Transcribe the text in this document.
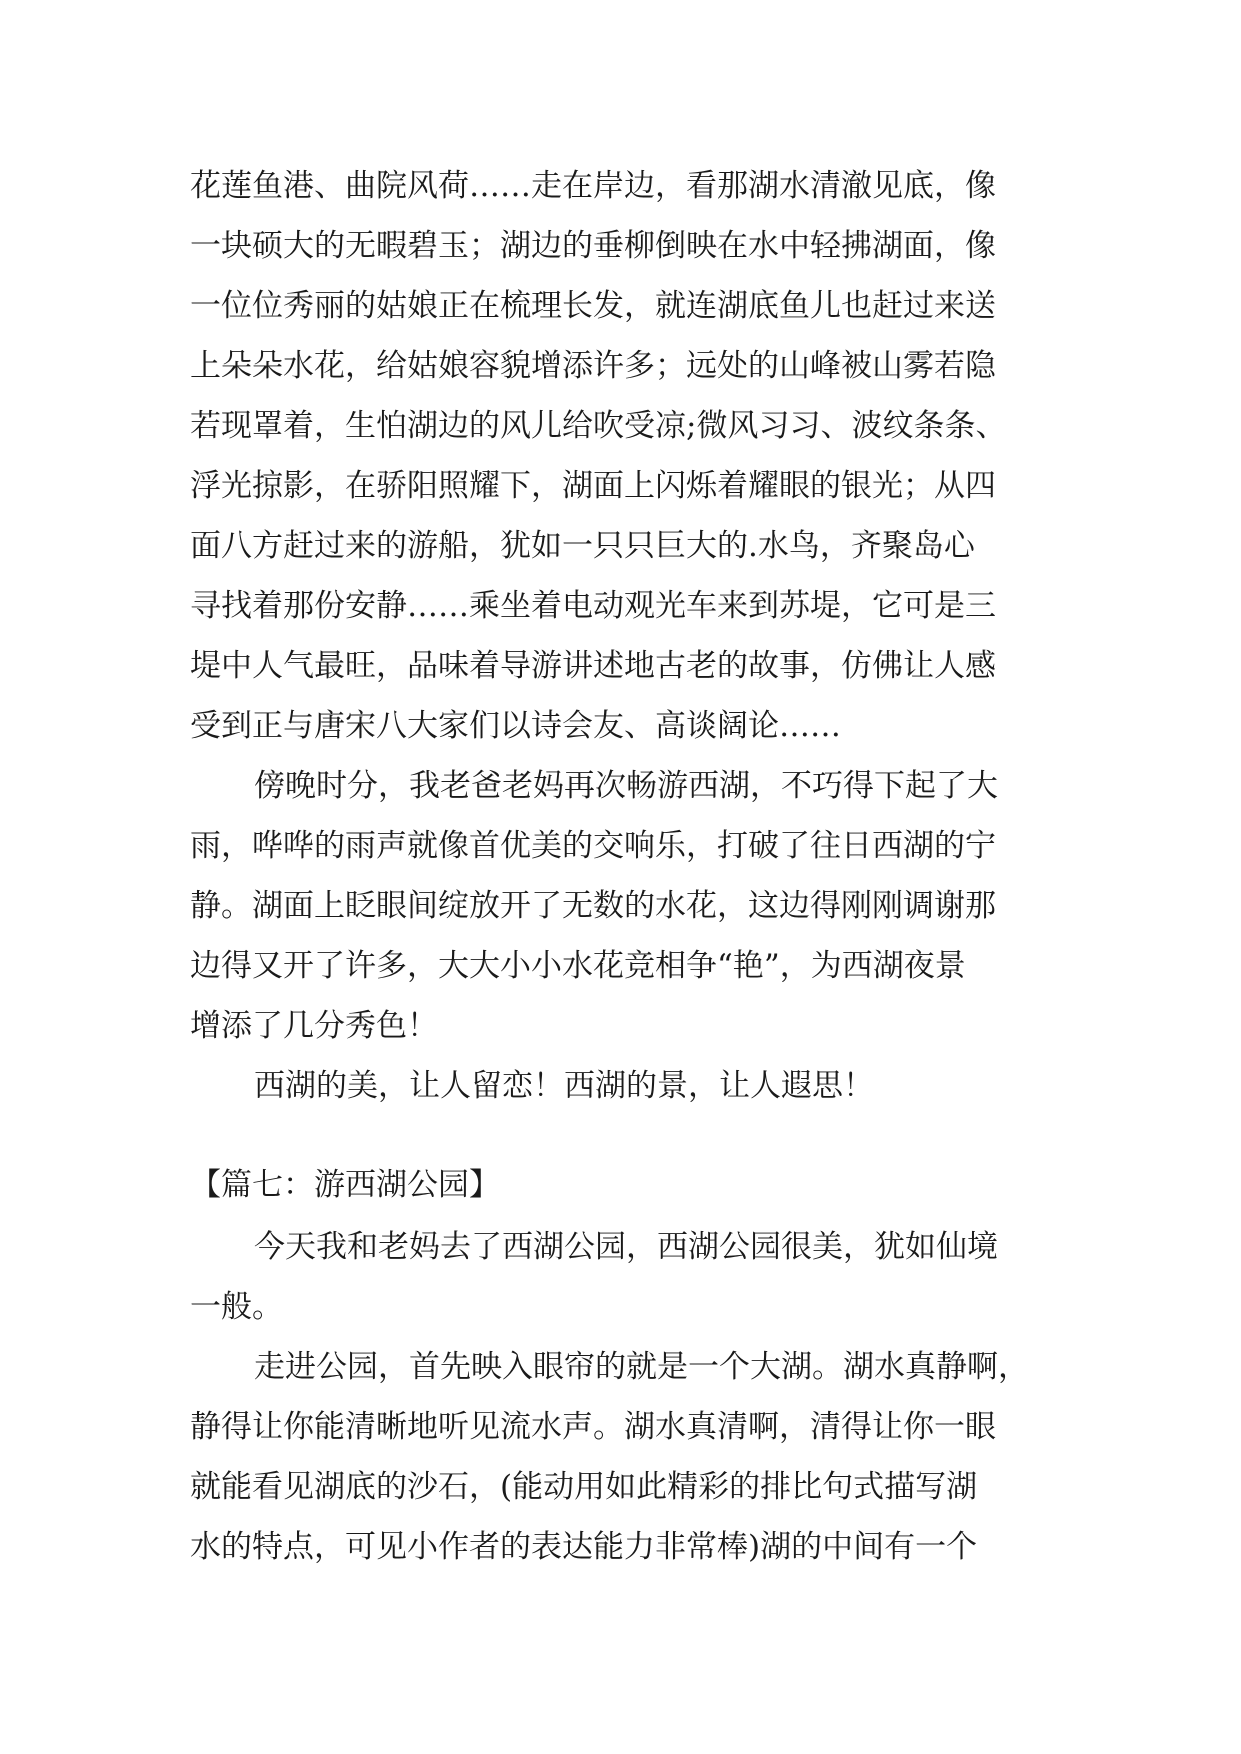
花莲鱼港、曲院风荷……走在岸边，看那湖水清澈见底，像
一块硕大的无暇碧玉；湖边的垂柳倒映在水中轻拂湖面，像
一位位秀丽的姑娘正在梳理长发，就连湖底鱼儿也赶过来送
上朵朵水花，给姑娘容貌增添许多；远处的山峰被山雾若隐
若现罩着，生怕湖边的风儿给吹受凉;微风习习、波纹条条、
浮光掠影，在骄阳照耀下，湖面上闪烁着耀眼的银光；从四
面八方赶过来的游船，犹如一只只巨大的.水鸟，齐聚岛心
寻找着那份安静……乘坐着电动观光车来到苏堤，它可是三
堤中人气最旺，品味着导游讲述地古老的故事，仿佛让人感
受到正与唐宋八大家们以诗会友、高谈阔论……
傍晚时分，我老爸老妈再次畅游西湖，不巧得下起了大
雨，哗哗的雨声就像首优美的交响乐，打破了往日西湖的宁
静。湖面上眨眼间绽放开了无数的水花，这边得刚刚调谢那
边得又开了许多，大大小小水花竞相争“艳”，为西湖夜景
增添了几分秀色！
西湖的美，让人留恋！西湖的景，让人遐思！
【篇七：游西湖公园】
今天我和老妈去了西湖公园，西湖公园很美，犹如仙境
一般。
走进公园，首先映入眼帘的就是一个大湖。湖水真静啊，
静得让你能清晰地听见流水声。湖水真清啊，清得让你一眼
就能看见湖底的沙石，(能动用如此精彩的排比句式描写湖
水的特点，可见小作者的表达能力非常棒)湖的中间有一个
